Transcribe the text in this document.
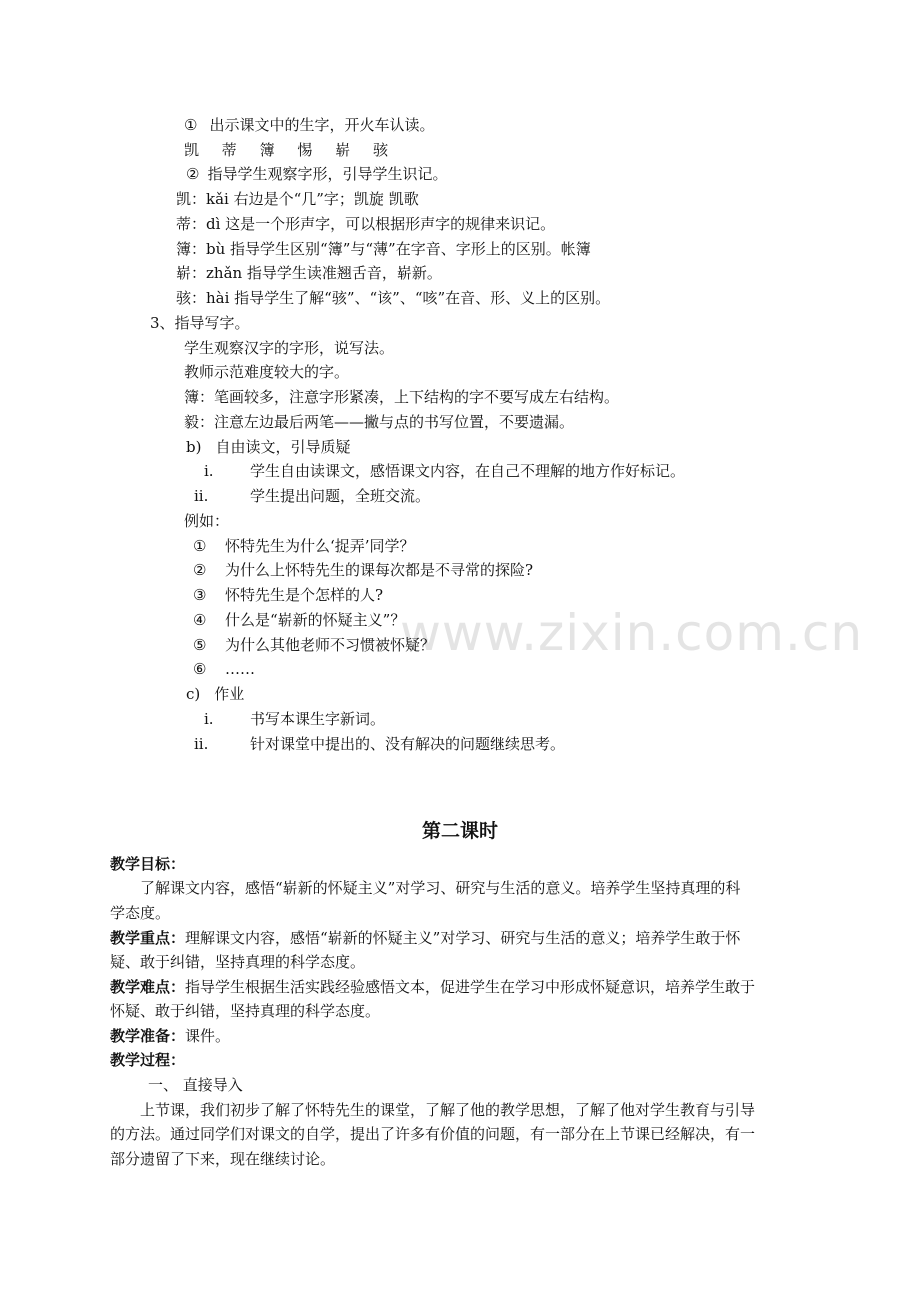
www.zixin.com.cn
① 出示课文中的生字，开火车认读。
凯 蒂 簿 惕 崭 骇
② 指导学生观察字形，引导学生识记。
凯：kǎi 右边是个“几”字；凯旋 凯歌
蒂：dì 这是一个形声字，可以根据形声字的规律来识记。
簿：bù 指导学生区别“簿”与“薄”在字音、字形上的区别。帐簿
崭：zhǎn 指导学生读准翘舌音，崭新。
骇：hài 指导学生了解“骇”、“该”、“咳”在音、形、义上的区别。
3、指导写字。
学生观察汉字的字形，说写法。
教师示范难度较大的字。
簿：笔画较多，注意字形紧凑，上下结构的字不要写成左右结构。
毅：注意左边最后两笔——撇与点的书写位置，不要遗漏。
b) 自由读文，引导质疑
i. 学生自由读课文，感悟课文内容，在自己不理解的地方作好标记。
ii.	学生提出问题，全班交流。
例如：
① 怀特先生为什么‘捉弄’同学？
② 为什么上怀特先生的课每次都是不寻常的探险?
③ 怀特先生是个怎样的人?
④ 什么是“崭新的怀疑主义”？
⑤ 为什么其他老师不习惯被怀疑？
⑥ ……
c) 作业
i. 书写本课生字新词。
ii.	针对课堂中提出的、没有解决的问题继续思考。
第二课时
教学目标：
了解课文内容，感悟“崭新的怀疑主义”对学习、研究与生活的意义。培养学生坚持真理的科
学态度。
教学重点：理解课文内容，感悟“崭新的怀疑主义”对学习、研究与生活的意义；培养学生敢于怀
疑、敢于纠错，坚持真理的科学态度。
教学难点：指导学生根据生活实践经验感悟文本，促进学生在学习中形成怀疑意识，培养学生敢于
怀疑、敢于纠错，坚持真理的科学态度。
教学准备：课件。
教学过程：
一、 直接导入
上节课，我们初步了解了怀特先生的课堂，了解了他的教学思想，了解了他对学生教育与引导
的方法。通过同学们对课文的自学，提出了许多有价值的问题，有一部分在上节课已经解决，有一
部分遗留了下来，现在继续讨论。
